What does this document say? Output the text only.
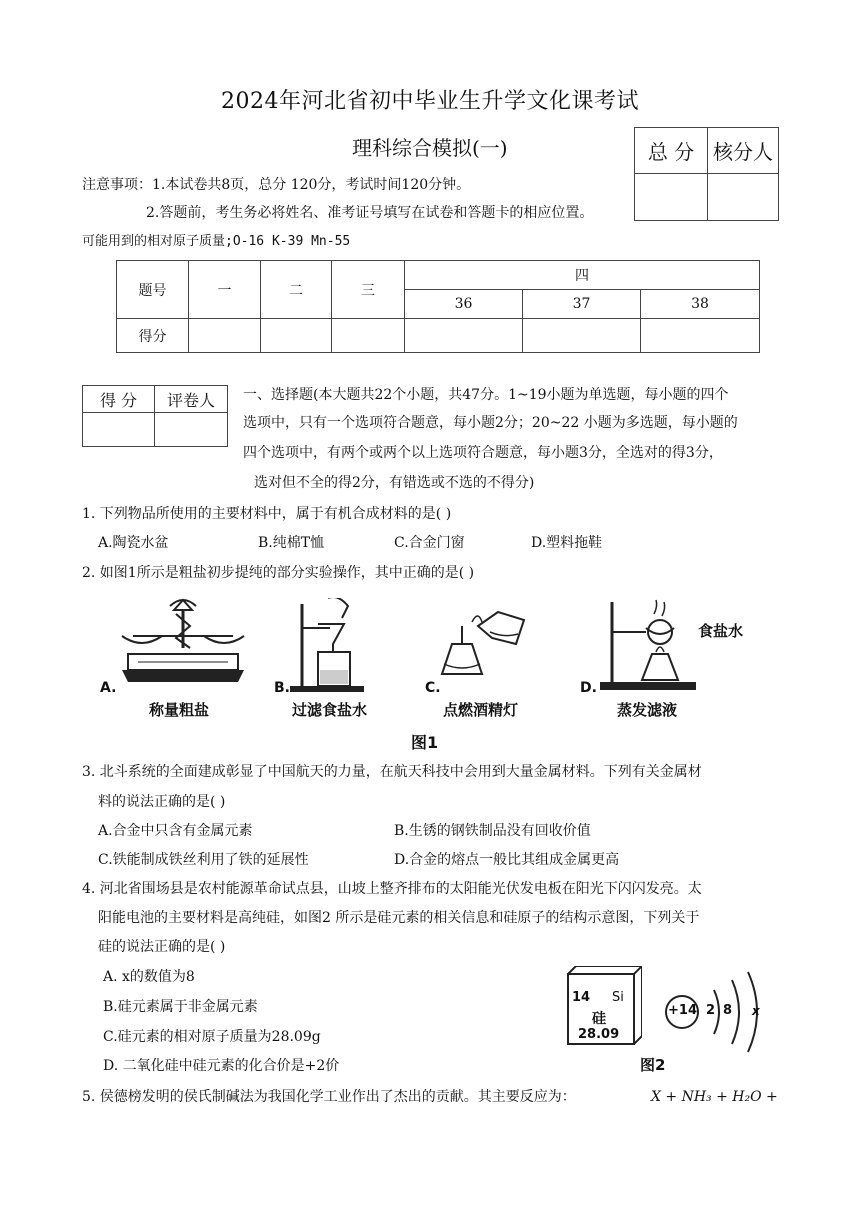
2024年河北省初中毕业生升学文化课考试
理科综合模拟(一)	总 分	核分人

注意事项：1.本试卷共8页，总分 120分，考试时间120分钟。
2.答题前，考生务必将姓名、准考证号填写在试卷和答题卡的相应位置。
可能用到的相对原子质量;O-16 K-39 Mn-55
题号	一	二	三	四		
				36	37	38
得分						
得 分	评卷人
	一、选择题(本大题共22个小题，共47分。1~19小题为单选题，每小题的四个
选项中，只有一个选项符合题意，每小题2分；20~22 小题为多选题，每小题的
四个选项中，有两个或两个以上选项符合题意，每小题3分，全选对的得3分，
选对但不全的得2分，有错选或不选的不得分)
1. 下列物品所使用的主要材料中，属于有机合成材料的是( )
A.陶瓷水盆	B.纯棉T恤	C.合金门窗	D.塑料拖鞋
2. 如图1所示是粗盐初步提纯的部分实验操作，其中正确的是( )
A.
称量粗盐
B.
过滤食盐水
C.
点燃酒精灯
D.
食盐水
蒸发滤液
图1
3. 北斗系统的全面建成彰显了中国航天的力量，在航天科技中会用到大量金属材料。下列有关金属材
料的说法正确的是( )
A.合金中只含有金属元素	B.生锈的钢铁制品没有回收价值
C.铁能制成铁丝利用了铁的延展性	D.合金的熔点一般比其组成金属更高
4. 河北省围场县是农村能源革命试点县，山坡上整齐排布的太阳能光伏发电板在阳光下闪闪发亮。太
阳能电池的主要材料是高纯硅，如图2 所示是硅元素的相关信息和硅原子的结构示意图，下列关于
硅的说法正确的是( )
A. x的数值为8
B.硅元素属于非金属元素
C.硅元素的相对原子质量为28.09g
D. 二氧化硅中硅元素的化合价是+2价
14 Si
硅
28.09
+14 2 8 x
图2
5. 侯德榜发明的侯氏制碱法为我国化学工业作出了杰出的贡献。其主要反应为：	X + NH₃ + H₂O +
